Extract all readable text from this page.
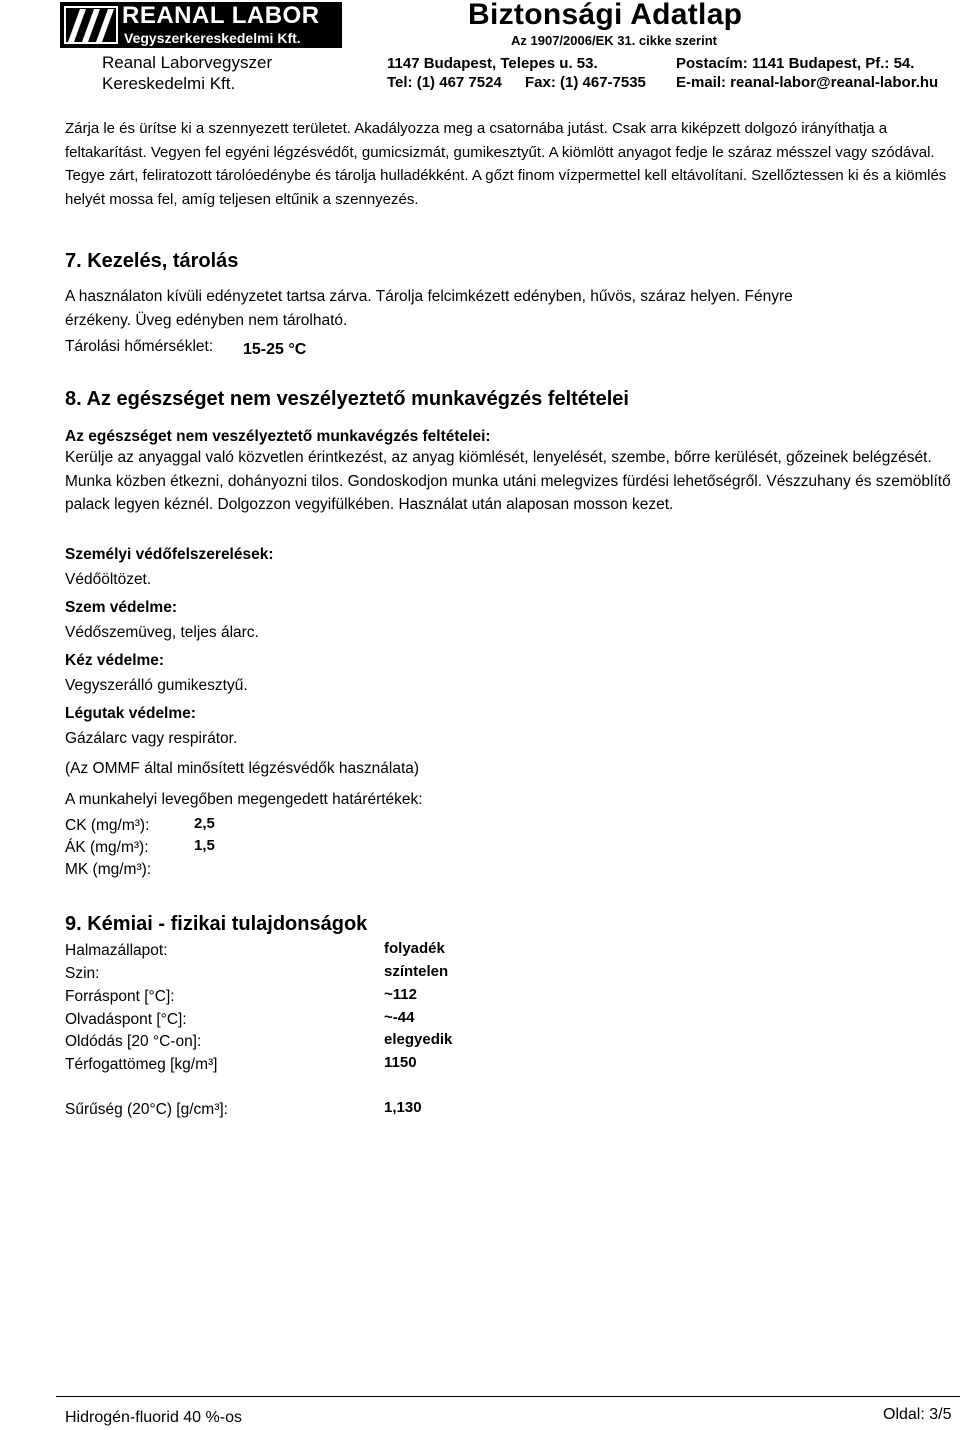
REANAL LABOR
Vegyszerkereskedelmi Kft.
Biztonsági Adatlap
Az 1907/2006/EK 31. cikke szerint
Reanal Laborvegyszer
Kereskedelmi Kft.
1147 Budapest, Telepes u. 53.	Postacím: 1141 Budapest, Pf.: 54.
Tel: (1) 467 7524 Fax: (1) 467-7535 E-mail: reanal-labor@reanal-labor.hu
Zárja le és ürítse ki a szennyezett területet. Akadályozza meg a csatornába jutást. Csak arra kiképzett dolgozó irányíthatja a feltakarítást. Vegyen fel egyéni légzésvédőt, gumicsizmát, gumikesztyűt. A kiömlött anyagot fedje le száraz mésszel vagy szódával. Tegye zárt, feliratozott tárolóedénybe és tárolja hulladékként. A gőzt finom vízpermettel kell eltávolítani. Szellőztessen ki és a kiömlés helyét mossa fel, amíg teljesen eltűnik a szennyezés.
7. Kezelés, tárolás
A használaton kívüli edényzetet tartsa zárva. Tárolja felcimkézett edényben, hűvös, száraz helyen. Fényre
érzékeny. Üveg edényben nem tárolható.
Tárolási hőmérséklet: 15-25 °C
8. Az egészséget nem veszélyeztető munkavégzés feltételei
Az egészséget nem veszélyeztető munkavégzés feltételei:
Kerülje az anyaggal való közvetlen érintkezést, az anyag kiömlését, lenyelését, szembe, bőrre kerülését, gőzeinek belégzését. Munka közben étkezni, dohányozni tilos. Gondoskodjon munka utáni melegvizes fürdési lehetőségről. Vészzuhany és szemöblítő palack legyen kéznél. Dolgozzon vegyifülkében. Használat után alaposan mosson kezet.
Személyi védőfelszerelések:
Védőöltözet.
Szem védelme:
Védőszemüveg, teljes álarc.
Kéz védelme:
Vegyszerálló gumikesztyű.
Légutak védelme:
Gázálarc vagy respirátor.
(Az OMMF által minősített légzésvédők használata)
A munkahelyi levegőben megengedett határértékek:
CK (mg/m³):	2,5
ÁK (mg/m³):	1,5
MK (mg/m³):
9. Kémiai - fizikai tulajdonságok
Halmazállapot:	folyadék
Szin:	színtelen
Forráspont [°C]:	~112
Olvadáspont [°C]:	~-44
Oldódás [20 °C-on]:	elegyedik
Térfogattömeg [kg/m³]	1150
Sűrűség (20°C) [g/cm³]:	1,130
Hidrogén-fluorid 40 %-os	Oldal: 3/5
